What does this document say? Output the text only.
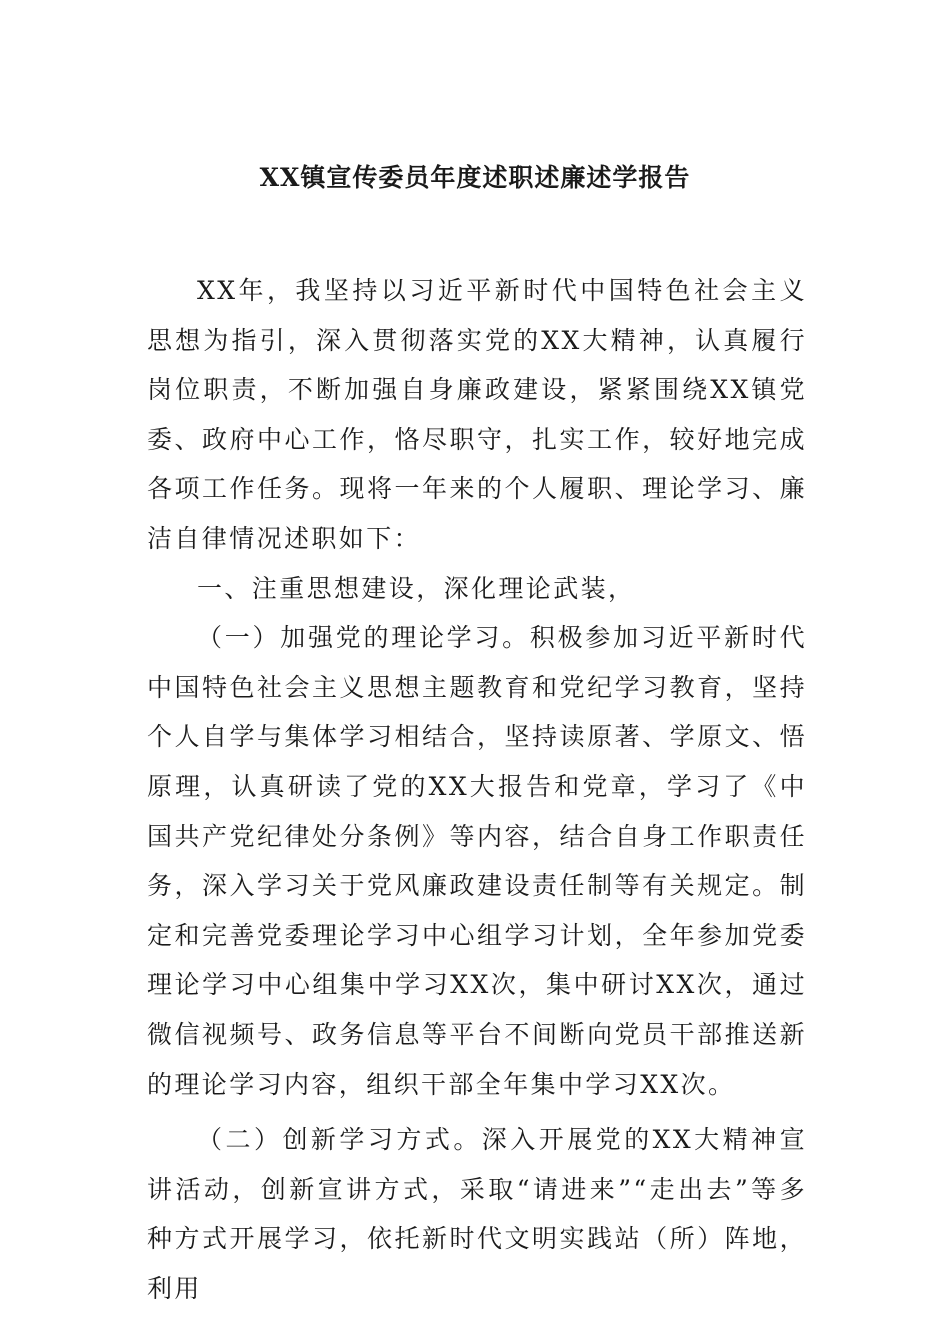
XX镇宣传委员年度述职述廉述学报告

XX年，我坚持以习近平新时代中国特色社会主义思想为指引，深入贯彻落实党的XX大精神，认真履行岗位职责，不断加强自身廉政建设，紧紧围绕XX镇党委、政府中心工作，恪尽职守，扎实工作，较好地完成各项工作任务。现将一年来的个人履职、理论学习、廉洁自律情况述职如下：

一、注重思想建设，深化理论武装，

（一）加强党的理论学习。积极参加习近平新时代中国特色社会主义思想主题教育和党纪学习教育，坚持个人自学与集体学习相结合，坚持读原著、学原文、悟原理，认真研读了党的XX大报告和党章，学习了《中国共产党纪律处分条例》等内容，结合自身工作职责任务，深入学习关于党风廉政建设责任制等有关规定。制定和完善党委理论学习中心组学习计划，全年参加党委理论学习中心组集中学习XX次，集中研讨XX次，通过微信视频号、政务信息等平台不间断向党员干部推送新的理论学习内容，组织干部全年集中学习XX次。

（二）创新学习方式。深入开展党的XX大精神宣讲活动，创新宣讲方式，采取“请进来”“走出去”等多种方式开展学习，依托新时代文明实践站（所）阵地，利用
